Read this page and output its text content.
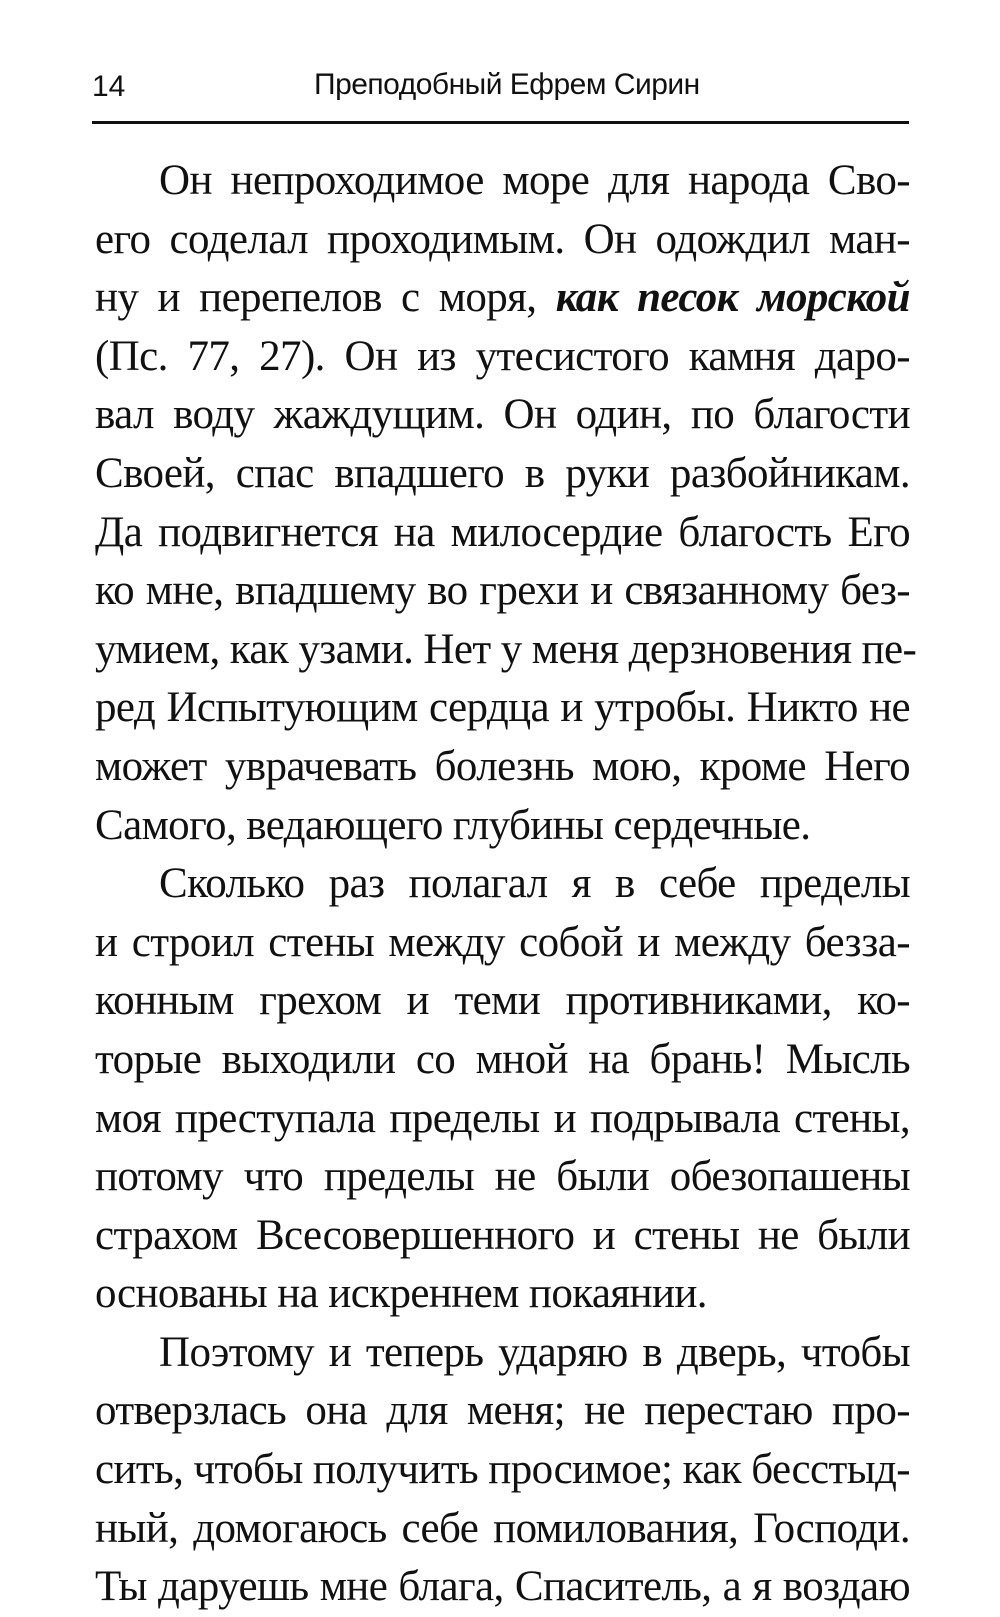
14	Преподобный Ефрем Сирин
Он непроходимое море для народа Сво-
его соделал проходимым. Он одождил ман-
ну и перепелов с моря, как песок морской
(Пс. 77, 27). Он из утесистого камня даро-
вал воду жаждущим. Он один, по благости
Своей, спас впадшего в руки разбойникам.
Да подвигнется на милосердие благость Его
ко мне, впадшему во грехи и связанному без-
умием, как узами. Нет у меня дерзновения пе-
ред Испытующим сердца и утробы. Никто не
может уврачевать болезнь мою, кроме Него
Самого, ведающего глубины сердечные.
Сколько раз полагал я в себе пределы
и строил стены между собой и между безза-
конным грехом и теми противниками, ко-
торые выходили со мной на брань! Мысль
моя преступала пределы и подрывала стены,
потому что пределы не были обезопашены
страхом Всесовершенного и стены не были
основаны на искреннем покаянии.
Поэтому и теперь ударяю в дверь, чтобы
отверзлась она для меня; не перестаю про-
сить, чтобы получить просимое; как бесстыд-
ный, домогаюсь себе помилования, Господи.
Ты даруешь мне блага, Спаситель, а я воздаю
